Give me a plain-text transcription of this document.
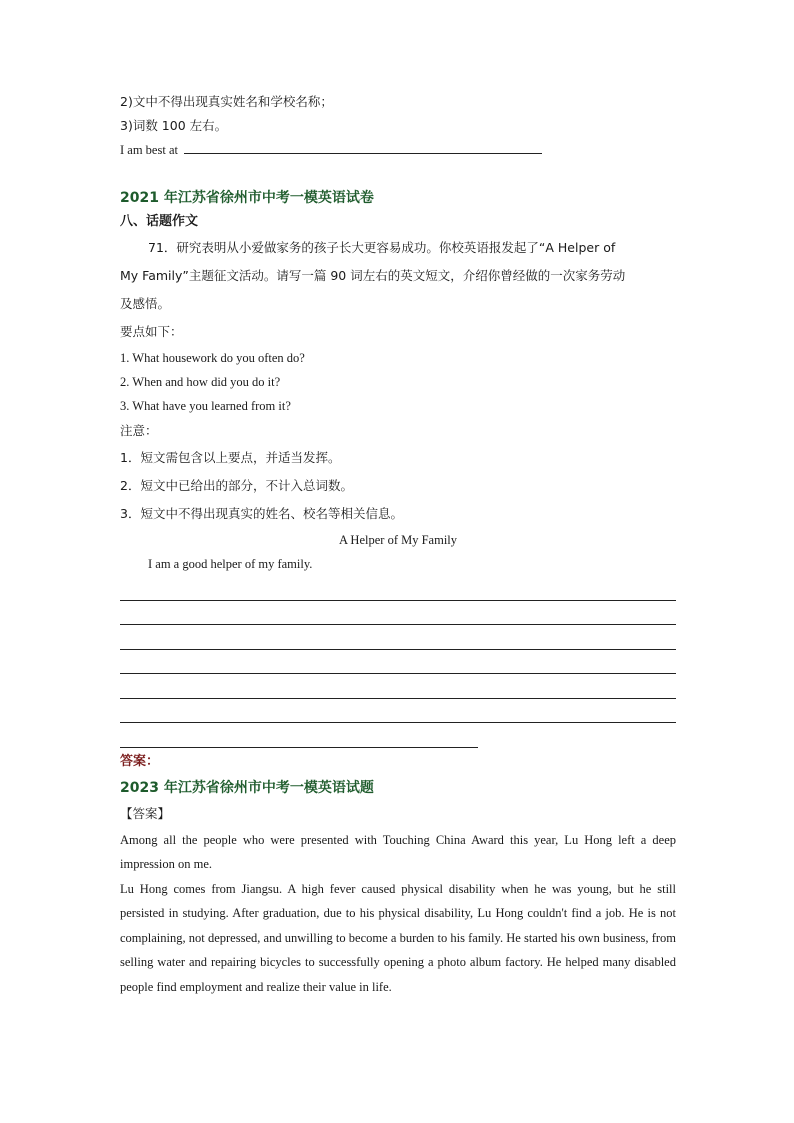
2)文中不得出现真实姓名和学校名称；
3)词数 100 左右。
I am best at
2021 年江苏省徐州市中考一模英语试卷
八、话题作文
71．研究表明从小爱做家务的孩子长大更容易成功。你校英语报发起了“A Helper of
My Family”主题征文活动。请写一篇 90 词左右的英文短文，介绍你曾经做的一次家务劳动
及感悟。
要点如下：
1. What housework do you often do?
2. When and how did you do it?
3. What have you learned from it?
注意：
1．短文需包含以上要点，并适当发挥。
2．短文中已给出的部分，不计入总词数。
3．短文中不得出现真实的姓名、校名等相关信息。
A Helper of My Family
I am a good helper of my family.
答案：
2023 年江苏省徐州市中考一模英语试题
【答案】
Among all the people who were presented with Touching China Award this year, Lu Hong left a deep impression on me.
Lu Hong comes from Jiangsu. A high fever caused physical disability when he was young, but he still persisted in studying. After graduation, due to his physical disability, Lu Hong couldn't find a job. He is not complaining, not depressed, and unwilling to become a burden to his family. He started his own business, from selling water and repairing bicycles to successfully opening a photo album factory. He helped many disabled people find employment and realize their value in life.
